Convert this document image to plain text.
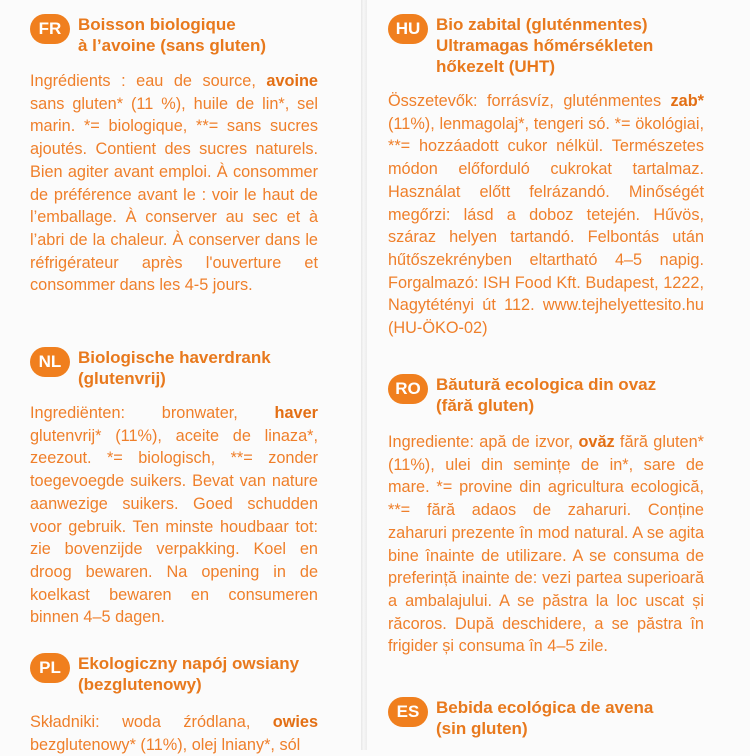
FR Boisson biologique
à l’avoine (sans gluten)
Ingrédients : eau de source, avoine sans gluten* (11 %), huile de lin*, sel marin. *= biologique, **= sans sucres ajoutés. Contient des sucres naturels. Bien agiter avant emploi. À consommer de préférence avant le : voir le haut de l’emballage. À conserver au sec et à l’abri de la chaleur. À conserver dans le réfrigérateur après l'ouverture et consommer dans les 4-5 jours.
NL Biologische haverdrank
(glutenvrij)
Ingrediënten: bronwater, haver glutenvrij* (11%), aceite de linaza*, zeezout. *= biologisch, **= zonder toegevoegde suikers. Bevat van nature aanwezige suikers. Goed schudden voor gebruik. Ten minste houdbaar tot: zie bovenzijde verpakking. Koel en droog bewaren. Na opening in de koelkast bewaren en consumeren binnen 4–5 dagen.
PL	Ekologiczny napój owsiany
(bezglutenowy)
Składniki: woda źródlana, owies bezglutenowy* (11%), olej lniany*, sól
HU Bio zabital (gluténmentes)
Ultramagas hőmérsékleten
hőkezelt (UHT)
Összetevők: forrásvíz, gluténmentes zab* (11%), lenmagolaj*, tengeri só. *= ökológiai, **= hozzáadott cukor nélkül. Természetes módon előforduló cukrokat tartalmaz. Használat előtt felrázandó. Minőségét megőrzi: lásd a doboz tetején. Hűvös, száraz helyen tartandó. Felbontás után hűtőszekrényben eltartható 4–5 napig. Forgalmazó: ISH Food Kft. Budapest, 1222, Nagytétényi út 112. www.tejhelyettesito.hu (HU-ÖKO-02)
RO Băutură ecologica din ovaz
(fără gluten)
Ingrediente: apă de izvor, ovăz fără gluten* (11%), ulei din semințe de in*, sare de mare. *= provine din agricultura ecologică, **= fără adaos de zaharuri. Conține zaharuri prezente în mod natural. A se agita bine înainte de utilizare. A se consuma de preferință inainte de: vezi partea superioară a ambalajului. A se păstra la loc uscat și răcoros. După deschidere, a se păstra în frigider și consuma în 4–5 zile.
ES Bebida ecológica de avena
(sin gluten)
